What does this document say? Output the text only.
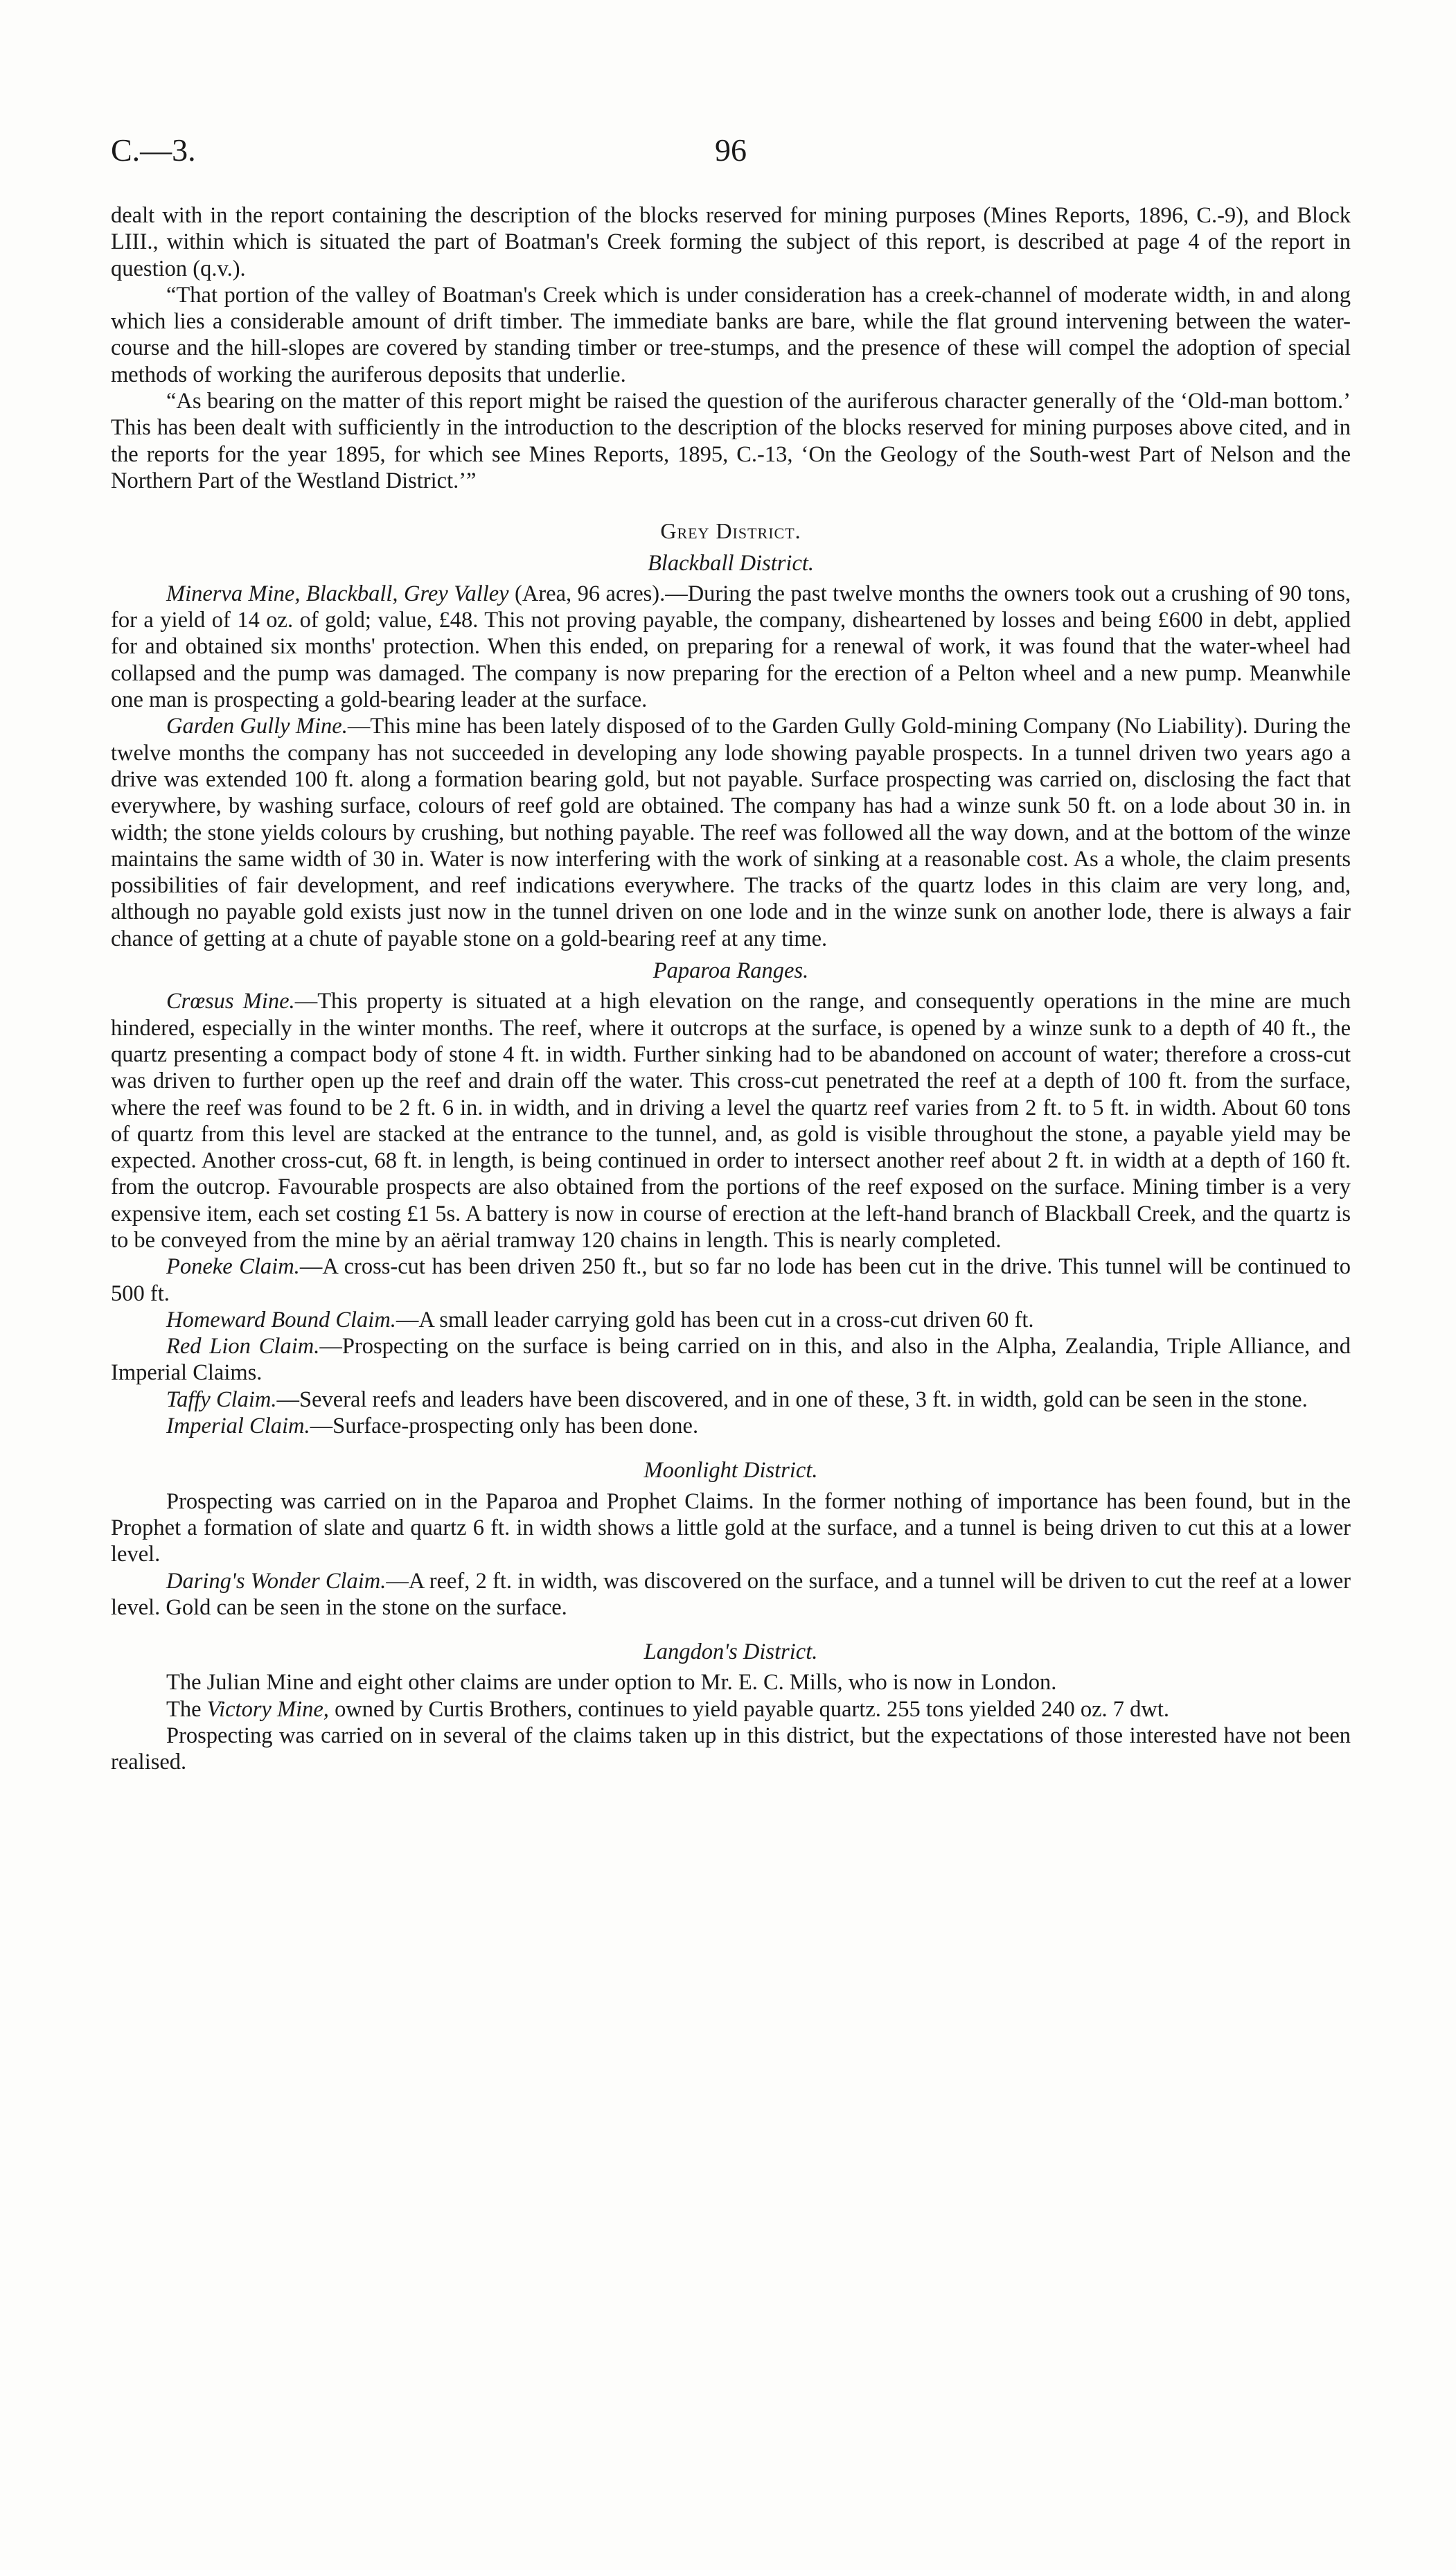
C.—3.	96

dealt with in the report containing the description of the blocks reserved for mining purposes (Mines Reports, 1896, C.-9), and Block LIII., within which is situated the part of Boatman's Creek forming the subject of this report, is described at page 4 of the report in question (q.v.).

“That portion of the valley of Boatman's Creek which is under consideration has a creek-channel of moderate width, in and along which lies a considerable amount of drift timber. The immediate banks are bare, while the flat ground intervening between the water-course and the hill-slopes are covered by standing timber or tree-stumps, and the presence of these will compel the adoption of special methods of working the auriferous deposits that underlie.

“As bearing on the matter of this report might be raised the question of the auriferous character generally of the ‘Old-man bottom.’ This has been dealt with sufficiently in the introduction to the description of the blocks reserved for mining purposes above cited, and in the reports for the year 1895, for which see Mines Reports, 1895, C.-13, ‘On the Geology of the South-west Part of Nelson and the Northern Part of the Westland District.’”

Grey District.
Blackball District.

Minerva Mine, Blackball, Grey Valley (Area, 96 acres).—During the past twelve months the owners took out a crushing of 90 tons, for a yield of 14 oz. of gold; value, £48. This not proving payable, the company, disheartened by losses and being £600 in debt, applied for and obtained six months' protection. When this ended, on preparing for a renewal of work, it was found that the water-wheel had collapsed and the pump was damaged. The company is now preparing for the erection of a Pelton wheel and a new pump. Meanwhile one man is prospecting a gold-bearing leader at the surface.

Garden Gully Mine.—This mine has been lately disposed of to the Garden Gully Gold-mining Company (No Liability). During the twelve months the company has not succeeded in developing any lode showing payable prospects. In a tunnel driven two years ago a drive was extended 100 ft. along a formation bearing gold, but not payable. Surface prospecting was carried on, disclosing the fact that everywhere, by washing surface, colours of reef gold are obtained. The company has had a winze sunk 50 ft. on a lode about 30 in. in width; the stone yields colours by crushing, but nothing payable. The reef was followed all the way down, and at the bottom of the winze maintains the same width of 30 in. Water is now interfering with the work of sinking at a reasonable cost. As a whole, the claim presents possibilities of fair development, and reef indications everywhere. The tracks of the quartz lodes in this claim are very long, and, although no payable gold exists just now in the tunnel driven on one lode and in the winze sunk on another lode, there is always a fair chance of getting at a chute of payable stone on a gold-bearing reef at any time.

Paparoa Ranges.

Crœsus Mine.—This property is situated at a high elevation on the range, and consequently operations in the mine are much hindered, especially in the winter months. The reef, where it outcrops at the surface, is opened by a winze sunk to a depth of 40 ft., the quartz presenting a compact body of stone 4 ft. in width. Further sinking had to be abandoned on account of water; therefore a cross-cut was driven to further open up the reef and drain off the water. This cross-cut penetrated the reef at a depth of 100 ft. from the surface, where the reef was found to be 2 ft. 6 in. in width, and in driving a level the quartz reef varies from 2 ft. to 5 ft. in width. About 60 tons of quartz from this level are stacked at the entrance to the tunnel, and, as gold is visible throughout the stone, a payable yield may be expected. Another cross-cut, 68 ft. in length, is being continued in order to intersect another reef about 2 ft. in width at a depth of 160 ft. from the outcrop. Favourable prospects are also obtained from the portions of the reef exposed on the surface. Mining timber is a very expensive item, each set costing £1 5s. A battery is now in course of erection at the left-hand branch of Blackball Creek, and the quartz is to be conveyed from the mine by an aërial tramway 120 chains in length. This is nearly completed.

Poneke Claim.—A cross-cut has been driven 250 ft., but so far no lode has been cut in the drive. This tunnel will be continued to 500 ft.

Homeward Bound Claim.—A small leader carrying gold has been cut in a cross-cut driven 60 ft.

Red Lion Claim.—Prospecting on the surface is being carried on in this, and also in the Alpha, Zealandia, Triple Alliance, and Imperial Claims.

Taffy Claim.—Several reefs and leaders have been discovered, and in one of these, 3 ft. in width, gold can be seen in the stone.

Imperial Claim.—Surface-prospecting only has been done.

Moonlight District.

Prospecting was carried on in the Paparoa and Prophet Claims. In the former nothing of importance has been found, but in the Prophet a formation of slate and quartz 6 ft. in width shows a little gold at the surface, and a tunnel is being driven to cut this at a lower level.

Daring's Wonder Claim.—A reef, 2 ft. in width, was discovered on the surface, and a tunnel will be driven to cut the reef at a lower level. Gold can be seen in the stone on the surface.

Langdon's District.

The Julian Mine and eight other claims are under option to Mr. E. C. Mills, who is now in London.

The Victory Mine, owned by Curtis Brothers, continues to yield payable quartz. 255 tons yielded 240 oz. 7 dwt.

Prospecting was carried on in several of the claims taken up in this district, but the expectations of those interested have not been realised.
